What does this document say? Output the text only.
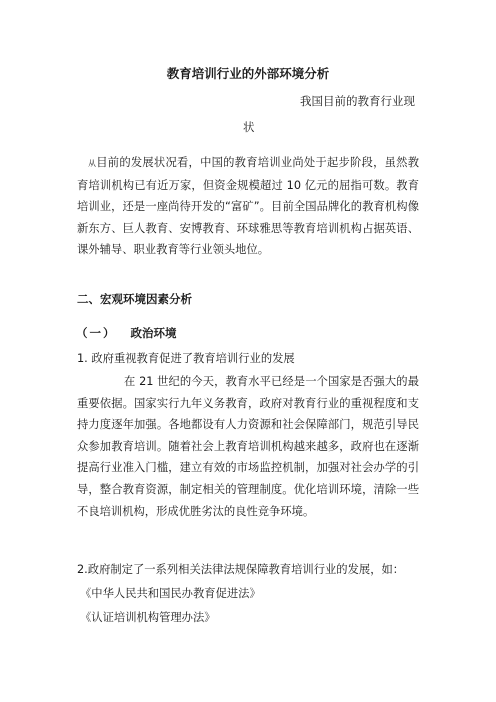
教育培训行业的外部环境分析
我国目前的教育行业现
状
从目前的发展状况看，中国的教育培训业尚处于起步阶段，虽然教育培训机构已有近万家，但资金规模超过 10 亿元的屈指可数。教育培训业，还是一座尚待开发的“富矿”。目前全国品牌化的教育机构像新东方、巨人教育、安博教育、环球雅思等教育培训机构占据英语、课外辅导、职业教育等行业领头地位。
二、宏观环境因素分析
（一） 政治环境
1. 政府重视教育促进了教育培训行业的发展
在 21 世纪的今天，教育水平已经是一个国家是否强大的最重要依据。国家实行九年义务教育，政府对教育行业的重视程度和支持力度逐年加强。各地都设有人力资源和社会保障部门，规范引导民众参加教育培训。随着社会上教育培训机构越来越多，政府也在逐渐提高行业准入门槛，建立有效的市场监控机制，加强对社会办学的引导，整合教育资源，制定相关的管理制度。优化培训环境，清除一些不良培训机构，形成优胜劣汰的良性竞争环境。
2.政府制定了一系列相关法律法规保障教育培训行业的发展，如：
《中华人民共和国民办教育促进法》
《认证培训机构管理办法》
